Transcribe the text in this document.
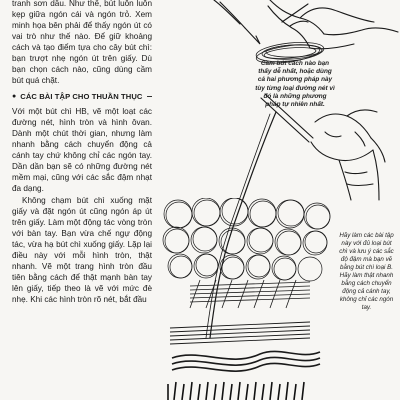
tranh sơn dầu. Như thế, bút luôn luôn kẹp giữa ngón cái và ngón trỏ. Xem minh họa bên phải để thấy ngón út có vai trò như thế nào. Để giữ khoảng cách và tạo điểm tựa cho cây bút chì: bạn trượt nhẹ ngón út trên giấy. Dù bạn chọn cách nào, cũng dùng cầm bút quá chặt.

● CÁC BÀI TẬP CHO THUẦN THỤC

Với một bút chì HB, vẽ một loạt các đường nét, hình tròn và hình ôvan. Dành một chút thời gian, nhưng làm nhanh bằng cách chuyển động cả cánh tay chứ không chỉ các ngón tay. Dần dần bạn sẽ có những đường nét mềm mại, cũng với các sắc đậm nhạt đa dạng.

Không chạm bút chì xuống mặt giấy và đặt ngón út cũng ngón áp út trên giấy. Làm một động tác vòng tròn với bàn tay. Bạn vừa chế ngự động tác, vừa hạ bút chì xuống giấy. Lặp lại điều này với mỗi hình tròn, thật nhanh. Vẽ một trang hình tròn đầu tiên bằng cách để thật mạnh bàn tay lên giấy, tiếp theo là vẽ với mức đè nhẹ. Khi các hình tròn rõ nét, bắt đầu

Cầm bút cách nào bạn thấy dễ nhất, hoặc dùng cả hai phương pháp này tùy từng loại đường nét vì đó là những phương pháp tự nhiên nhất.
Hãy làm các bài tập này với đủ loại bút chì và lưu ý các sắc độ đậm mà bạn vẽ bằng bút chì loại B. Hãy làm thật nhanh bằng cách chuyển động cả cánh tay, không chỉ các ngón tay.
